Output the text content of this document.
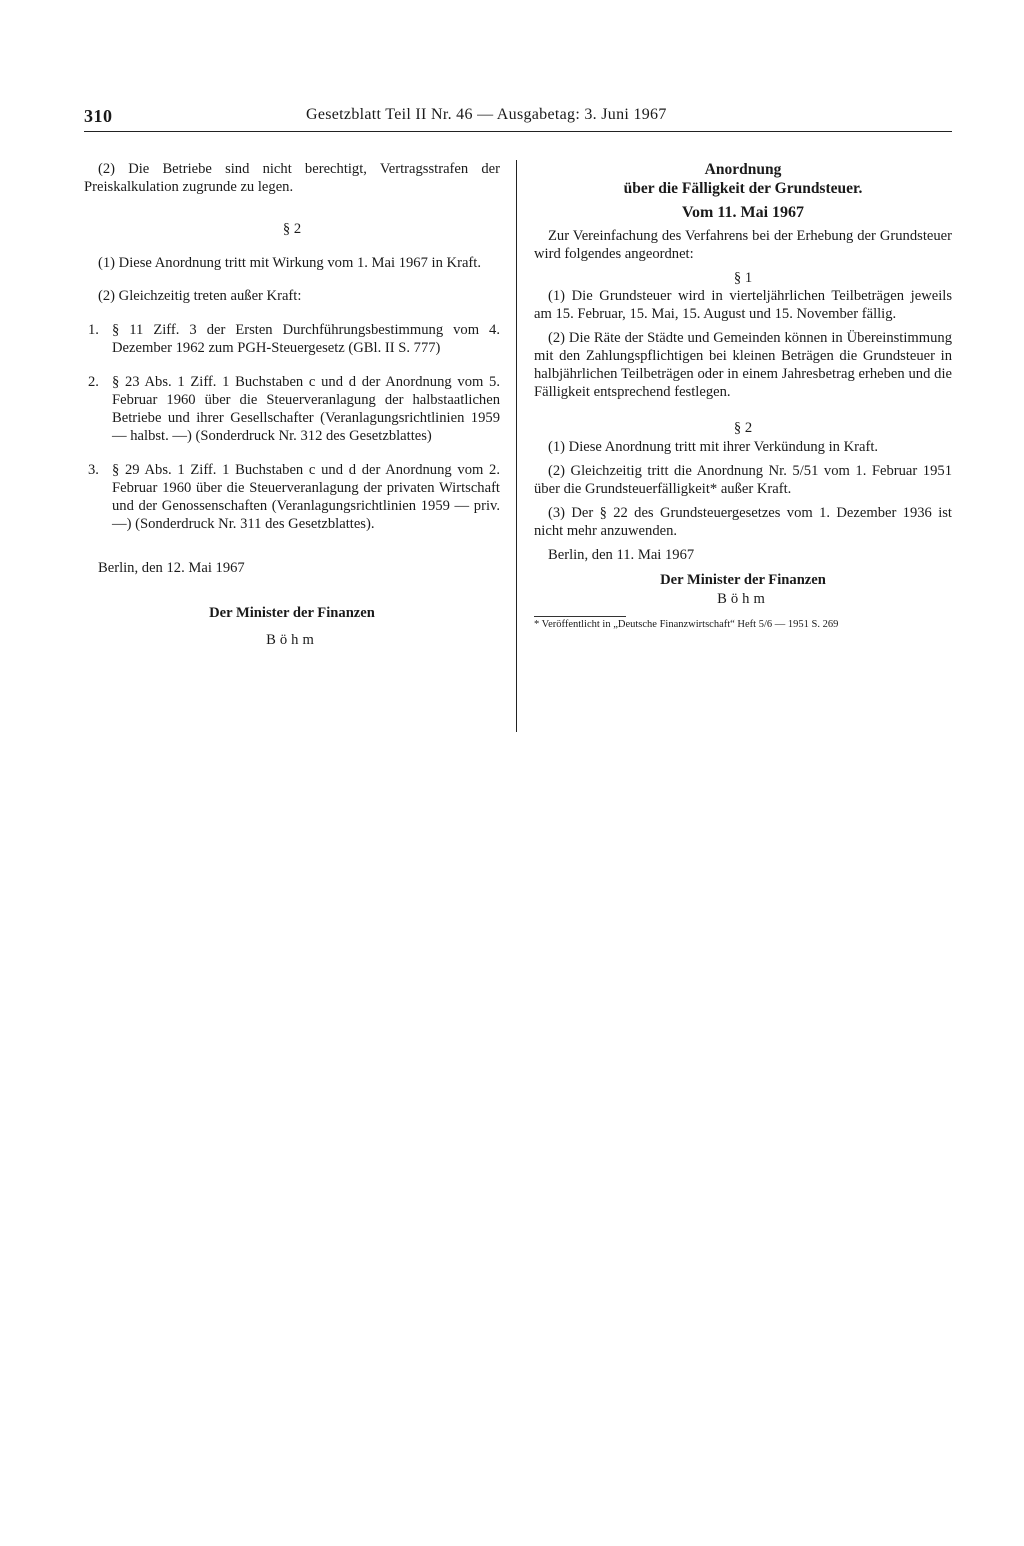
310	Gesetzblatt Teil II Nr. 46 — Ausgabetag: 3. Juni 1967

(2) Die Betriebe sind nicht berechtigt, Vertragsstrafen der Preiskalkulation zugrunde zu legen.

§ 2

(1) Diese Anordnung tritt mit Wirkung vom 1. Mai 1967 in Kraft.

(2) Gleichzeitig treten außer Kraft:

1. § 11 Ziff. 3 der Ersten Durchführungsbestimmung vom 4. Dezember 1962 zum PGH-Steuergesetz (GBl. II S. 777)
2. § 23 Abs. 1 Ziff. 1 Buchstaben c und d der Anordnung vom 5. Februar 1960 über die Steuerveranlagung der halbstaatlichen Betriebe und ihrer Gesellschafter (Veranlagungsrichtlinien 1959 — halbst. —) (Sonderdruck Nr. 312 des Gesetzblattes)
3. § 29 Abs. 1 Ziff. 1 Buchstaben c und d der Anordnung vom 2. Februar 1960 über die Steuerveranlagung der privaten Wirtschaft und der Genossenschaften (Veranlagungsrichtlinien 1959 — priv. —) (Sonderdruck Nr. 311 des Gesetzblattes).

Berlin, den 12. Mai 1967

Der Minister der Finanzen

Böhm

Anordnung

über die Fälligkeit der Grundsteuer.

Vom 11. Mai 1967

Zur Vereinfachung des Verfahrens bei der Erhebung der Grundsteuer wird folgendes angeordnet:

§ 1

(1) Die Grundsteuer wird in vierteljährlichen Teilbeträgen jeweils am 15. Februar, 15. Mai, 15. August und 15. November fällig.

(2) Die Räte der Städte und Gemeinden können in Übereinstimmung mit den Zahlungspflichtigen bei kleinen Beträgen die Grundsteuer in halbjährlichen Teilbeträgen oder in einem Jahresbetrag erheben und die Fälligkeit entsprechend festlegen.

§ 2

(1) Diese Anordnung tritt mit ihrer Verkündung in Kraft.

(2) Gleichzeitig tritt die Anordnung Nr. 5/51 vom 1. Februar 1951 über die Grundsteuerfälligkeit* außer Kraft.

(3) Der § 22 des Grundsteuergesetzes vom 1. Dezember 1936 ist nicht mehr anzuwenden.

Berlin, den 11. Mai 1967

Der Minister der Finanzen

Böhm

* Veröffentlicht in „Deutsche Finanzwirtschaft“ Heft 5/6 — 1951 S. 269
